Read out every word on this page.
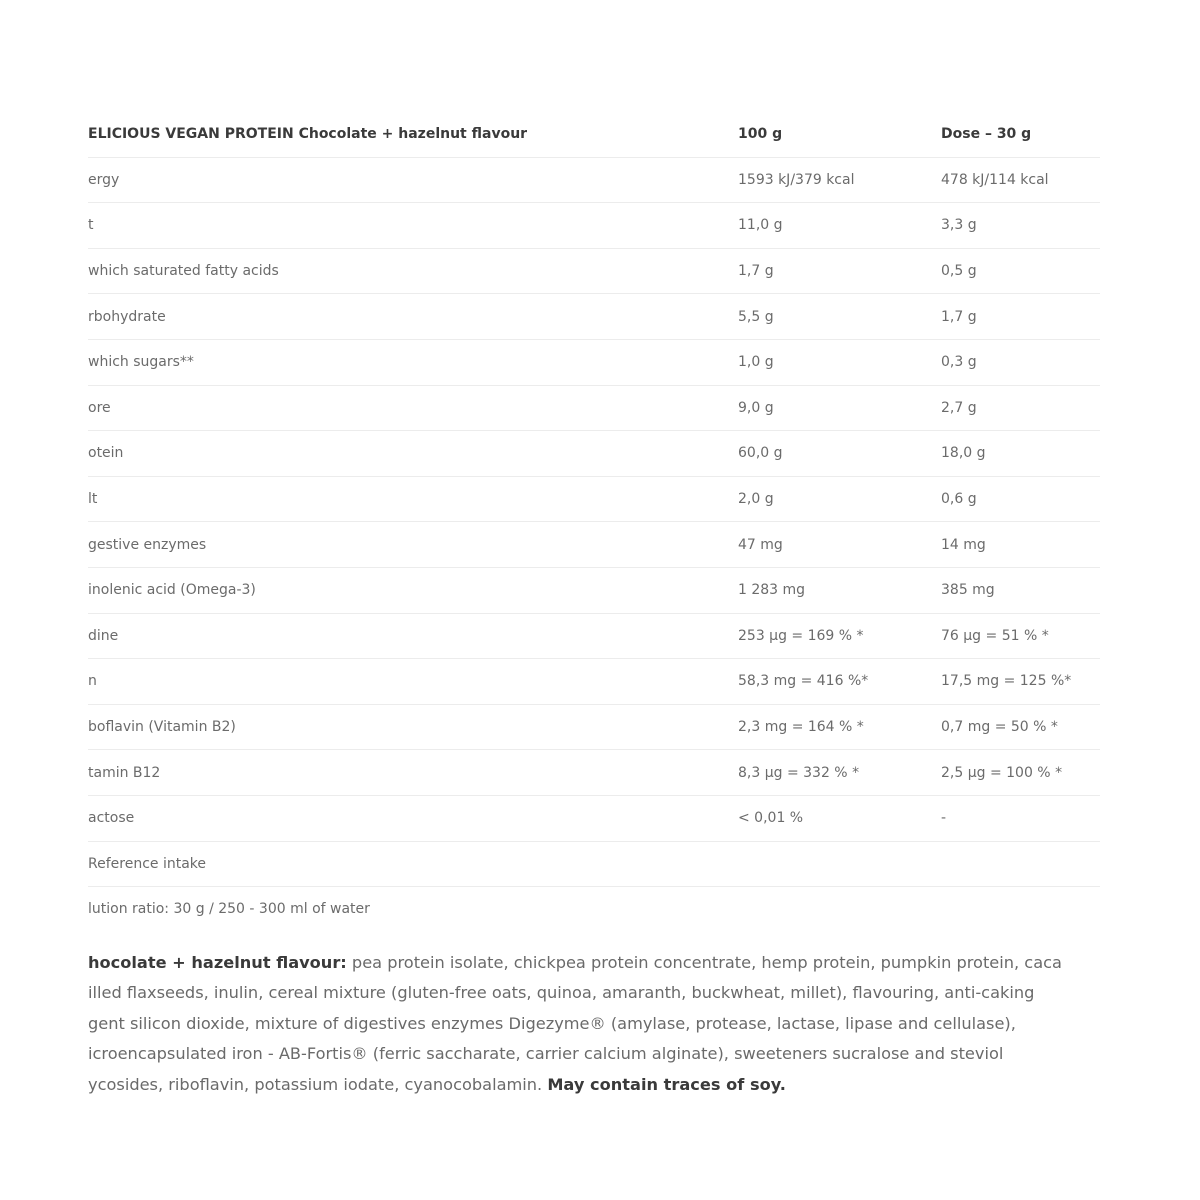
ELICIOUS VEGAN PROTEIN Chocolate + hazelnut flavour	100 g	Dose – 30 g
ergy	1593 kJ/379 kcal	478 kJ/114 kcal
t	11,0 g	3,3 g
which saturated fatty acids	1,7 g	0,5 g
rbohydrate	5,5 g	1,7 g
which sugars**	1,0 g	0,3 g
ore	9,0 g	2,7 g
otein	60,0 g	18,0 g
lt	2,0 g	0,6 g
gestive enzymes	47 mg	14 mg
inolenic acid (Omega-3)	1 283 mg	385 mg
dine	253 µg = 169 % *	76 µg = 51 % *
n	58,3 mg = 416 %*	17,5 mg = 125 %*
boflavin (Vitamin B2)	2,3 mg = 164 % *	0,7 mg = 50 % *
tamin B12	8,3 µg = 332 % *	2,5 µg = 100 % *
actose	< 0,01 %	-
Reference intake		
lution ratio: 30 g / 250 - 300 ml of water		
hocolate + hazelnut flavour: pea protein isolate, chickpea protein concentrate, hemp protein, pumpkin protein, caca
illed flaxseeds, inulin, cereal mixture (gluten-free oats, quinoa, amaranth, buckwheat, millet), flavouring, anti-caking
gent silicon dioxide, mixture of digestives enzymes Digezyme® (amylase, protease, lactase, lipase and cellulase),
icroencapsulated iron - AB-Fortis® (ferric saccharate, carrier calcium alginate), sweeteners sucralose and steviol
ycosides, riboflavin, potassium iodate, cyanocobalamin. May contain traces of soy.
